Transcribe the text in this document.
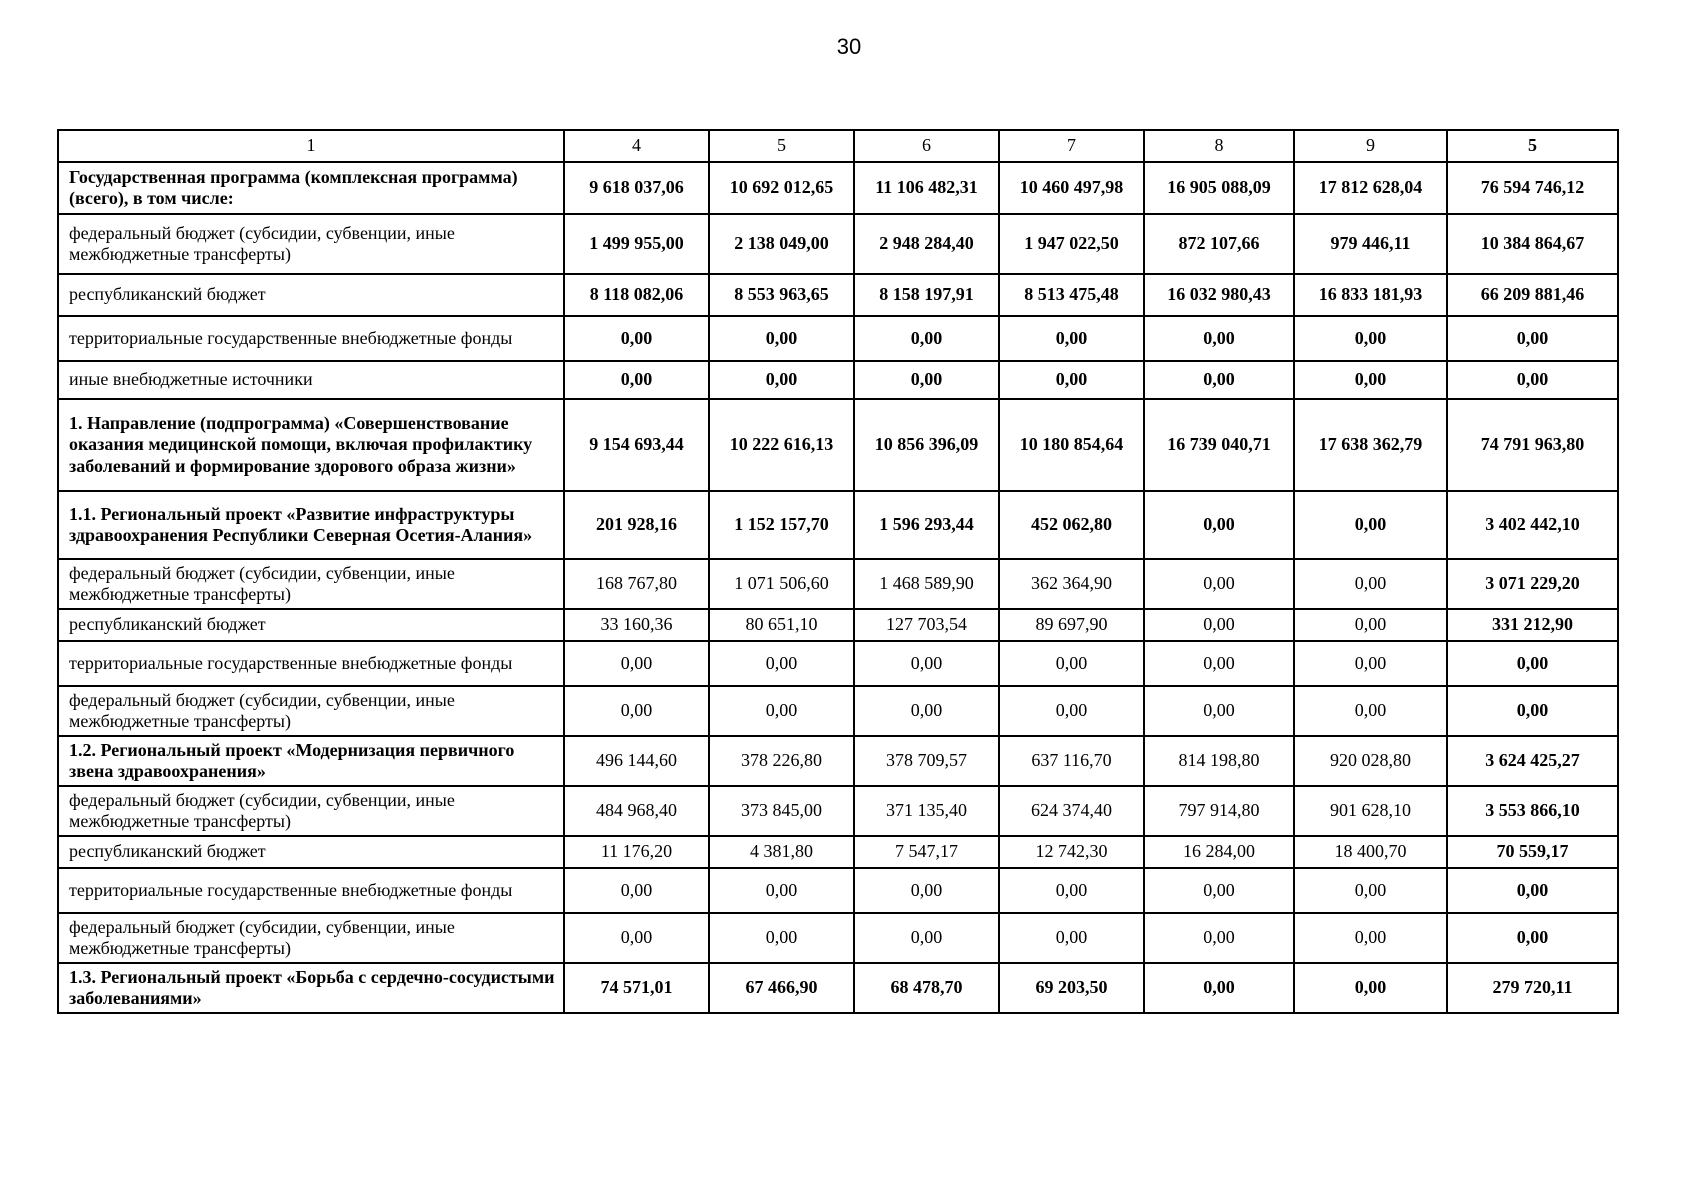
30
1	4	5	6	7	8	9	5
Государственная программа (комплексная программа) (всего), в том числе:	9 618 037,06	10 692 012,65	11 106 482,31	10 460 497,98	16 905 088,09	17 812 628,04	76 594 746,12
федеральный бюджет (субсидии, субвенции, иные межбюджетные трансферты)	1 499 955,00	2 138 049,00	2 948 284,40	1 947 022,50	872 107,66	979 446,11	10 384 864,67
республиканский бюджет	8 118 082,06	8 553 963,65	8 158 197,91	8 513 475,48	16 032 980,43	16 833 181,93	66 209 881,46
территориальные государственные внебюджетные фонды	0,00	0,00	0,00	0,00	0,00	0,00	0,00
иные внебюджетные источники	0,00	0,00	0,00	0,00	0,00	0,00	0,00
1. Направление (подпрограмма) «Совершенствование оказания медицинской помощи, включая профилактику заболеваний и формирование здорового образа жизни»	9 154 693,44	10 222 616,13	10 856 396,09	10 180 854,64	16 739 040,71	17 638 362,79	74 791 963,80
1.1. Региональный проект «Развитие инфраструктуры здравоохранения Республики Северная Осетия-Алания»	201 928,16	1 152 157,70	1 596 293,44	452 062,80	0,00	0,00	3 402 442,10
федеральный бюджет (субсидии, субвенции, иные межбюджетные трансферты)	168 767,80	1 071 506,60	1 468 589,90	362 364,90	0,00	0,00	3 071 229,20
республиканский бюджет	33 160,36	80 651,10	127 703,54	89 697,90	0,00	0,00	331 212,90
территориальные государственные внебюджетные фонды	0,00	0,00	0,00	0,00	0,00	0,00	0,00
федеральный бюджет (субсидии, субвенции, иные межбюджетные трансферты)	0,00	0,00	0,00	0,00	0,00	0,00	0,00
1.2. Региональный проект «Модернизация первичного звена здравоохранения»	496 144,60	378 226,80	378 709,57	637 116,70	814 198,80	920 028,80	3 624 425,27
федеральный бюджет (субсидии, субвенции, иные межбюджетные трансферты)	484 968,40	373 845,00	371 135,40	624 374,40	797 914,80	901 628,10	3 553 866,10
республиканский бюджет	11 176,20	4 381,80	7 547,17	12 742,30	16 284,00	18 400,70	70 559,17
территориальные государственные внебюджетные фонды	0,00	0,00	0,00	0,00	0,00	0,00	0,00
федеральный бюджет (субсидии, субвенции, иные межбюджетные трансферты)	0,00	0,00	0,00	0,00	0,00	0,00	0,00
1.3. Региональный проект «Борьба с сердечно-сосудистыми заболеваниями»	74 571,01	67 466,90	68 478,70	69 203,50	0,00	0,00	279 720,11
